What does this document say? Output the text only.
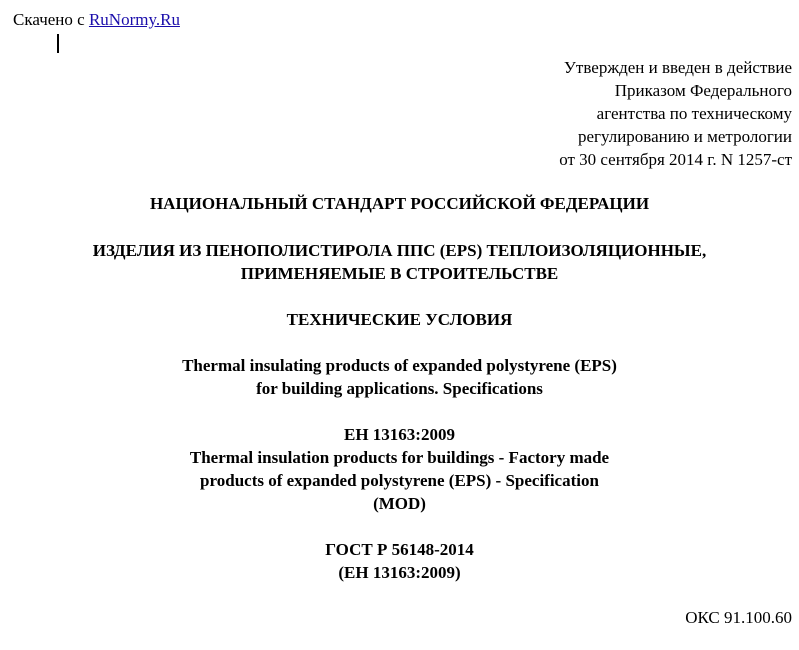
Скачено с RuNormy.Ru
Утвержден и введен в действие
Приказом Федерального
агентства по техническому
регулированию и метрологии
от 30 сентября 2014 г. N 1257-ст
НАЦИОНАЛЬНЫЙ СТАНДАРТ РОССИЙСКОЙ ФЕДЕРАЦИИ
ИЗДЕЛИЯ ИЗ ПЕНОПОЛИСТИРОЛА ППС (EPS) ТЕПЛОИЗОЛЯЦИОННЫЕ,
ПРИМЕНЯЕМЫЕ В СТРОИТЕЛЬСТВЕ
ТЕХНИЧЕСКИЕ УСЛОВИЯ
Thermal insulating products of expanded polystyrene (EPS)
for building applications. Specifications
ЕН 13163:2009
Thermal insulation products for buildings - Factory made
products of expanded polystyrene (EPS) - Specification
(MOD)
ГОСТ Р 56148-2014
(ЕН 13163:2009)
ОКС 91.100.60
